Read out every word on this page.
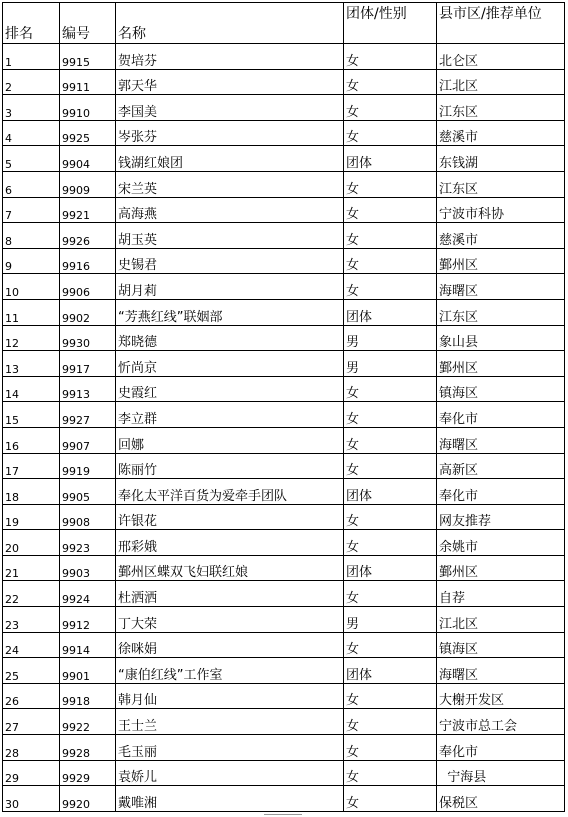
排名	编号	名称	团体/性别	县市区/推荐单位
1	9915	贺培芬	女	北仑区
2	9911	郭天华	女	江北区
3	9910	李国美	女	江东区
4	9925	岑张芬	女	慈溪市
5	9904	钱湖红娘团	团体	东钱湖
6	9909	宋兰英	女	江东区
7	9921	高海燕	女	宁波市科协
8	9926	胡玉英	女	慈溪市
9	9916	史锡君	女	鄞州区
10	9906	胡月莉	女	海曙区
11	9902	“芳燕红线”联姻部	团体	江东区
12	9930	郑晓德	男	象山县
13	9917	忻尚京	男	鄞州区
14	9913	史霞红	女	镇海区
15	9927	李立群	女	奉化市
16	9907	回娜	女	海曙区
17	9919	陈丽竹	女	高新区
18	9905	奉化太平洋百货为爱牵手团队	团体	奉化市
19	9908	许银花	女	网友推荐
20	9923	邢彩娥	女	余姚市
21	9903	鄞州区蝶双飞妇联红娘	团体	鄞州区
22	9924	杜洒洒	女	自荐
23	9912	丁大荣	男	江北区
24	9914	徐咪娟	女	镇海区
25	9901	“康伯红线”工作室	团体	海曙区
26	9918	韩月仙	女	大榭开发区
27	9922	王士兰	女	宁波市总工会
28	9928	毛玉丽	女	奉化市
29	9929	袁娇儿	女	宁海县
30	9920	戴唯湘	女	保税区
